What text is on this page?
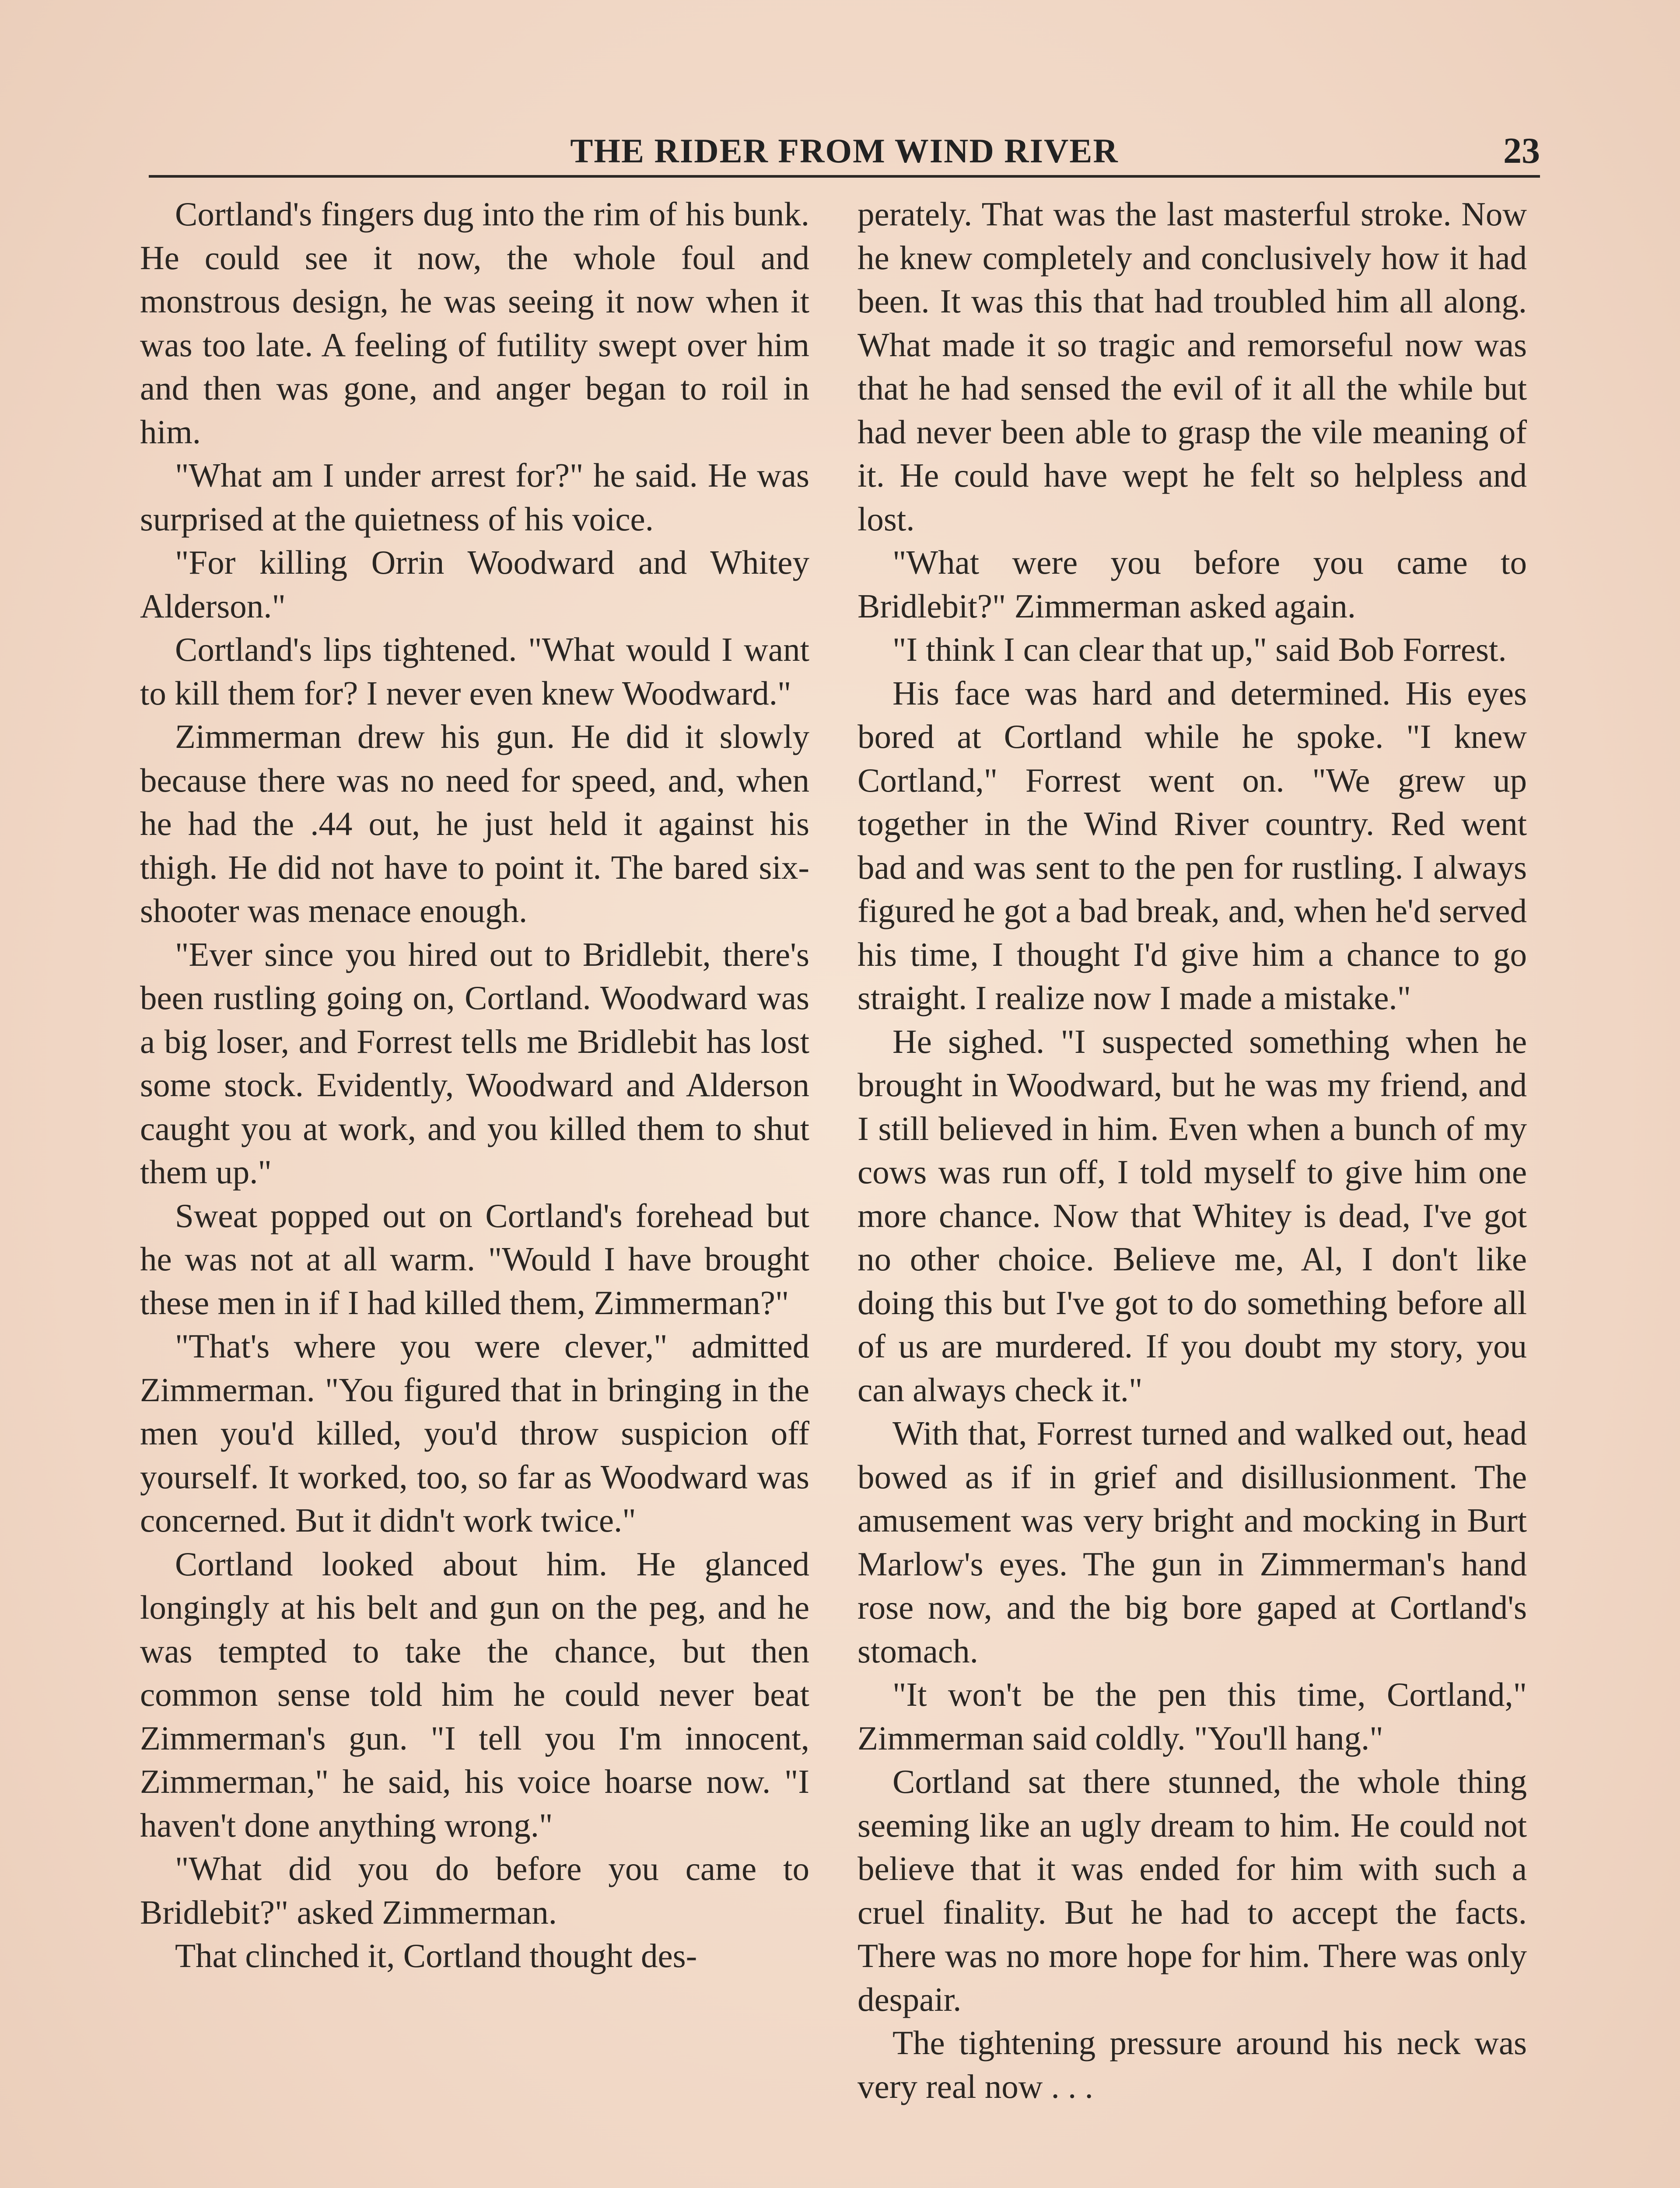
THE RIDER FROM WIND RIVER	23

Cortland's fingers dug into the rim of his bunk. He could see it now, the whole foul and monstrous design, he was seeing it now when it was too late. A feeling of futility swept over him and then was gone, and anger began to roil in him.

"What am I under arrest for?" he said. He was surprised at the quietness of his voice.

"For killing Orrin Woodward and Whitey Alderson."

Cortland's lips tightened. "What would I want to kill them for? I never even knew Woodward."

Zimmerman drew his gun. He did it slowly because there was no need for speed, and, when he had the .44 out, he just held it against his thigh. He did not have to point it. The bared six-shooter was menace enough.

"Ever since you hired out to Bridlebit, there's been rustling going on, Cortland. Woodward was a big loser, and Forrest tells me Bridlebit has lost some stock. Evidently, Woodward and Alderson caught you at work, and you killed them to shut them up."

Sweat popped out on Cortland's forehead but he was not at all warm. "Would I have brought these men in if I had killed them, Zimmerman?"

"That's where you were clever," admitted Zimmerman. "You figured that in bringing in the men you'd killed, you'd throw suspicion off yourself. It worked, too, so far as Woodward was concerned. But it didn't work twice."

Cortland looked about him. He glanced longingly at his belt and gun on the peg, and he was tempted to take the chance, but then common sense told him he could never beat Zimmerman's gun. "I tell you I'm innocent, Zimmerman," he said, his voice hoarse now. "I haven't done anything wrong."

"What did you do before you came to Bridlebit?" asked Zimmerman.

That clinched it, Cortland thought des-

perately. That was the last masterful stroke. Now he knew completely and conclusively how it had been. It was this that had troubled him all along. What made it so tragic and remorseful now was that he had sensed the evil of it all the while but had never been able to grasp the vile meaning of it. He could have wept he felt so helpless and lost.

"What were you before you came to Bridlebit?" Zimmerman asked again.

"I think I can clear that up," said Bob Forrest.

His face was hard and determined. His eyes bored at Cortland while he spoke. "I knew Cortland," Forrest went on. "We grew up together in the Wind River country. Red went bad and was sent to the pen for rustling. I always figured he got a bad break, and, when he'd served his time, I thought I'd give him a chance to go straight. I realize now I made a mistake."

He sighed. "I suspected something when he brought in Woodward, but he was my friend, and I still believed in him. Even when a bunch of my cows was run off, I told myself to give him one more chance. Now that Whitey is dead, I've got no other choice. Believe me, Al, I don't like doing this but I've got to do something before all of us are murdered. If you doubt my story, you can always check it."

With that, Forrest turned and walked out, head bowed as if in grief and disillusionment. The amusement was very bright and mocking in Burt Marlow's eyes. The gun in Zimmerman's hand rose now, and the big bore gaped at Cortland's stomach.

"It won't be the pen this time, Cortland," Zimmerman said coldly. "You'll hang."

Cortland sat there stunned, the whole thing seeming like an ugly dream to him. He could not believe that it was ended for him with such a cruel finality. But he had to accept the facts. There was no more hope for him. There was only despair.

The tightening pressure around his neck was very real now . . .
